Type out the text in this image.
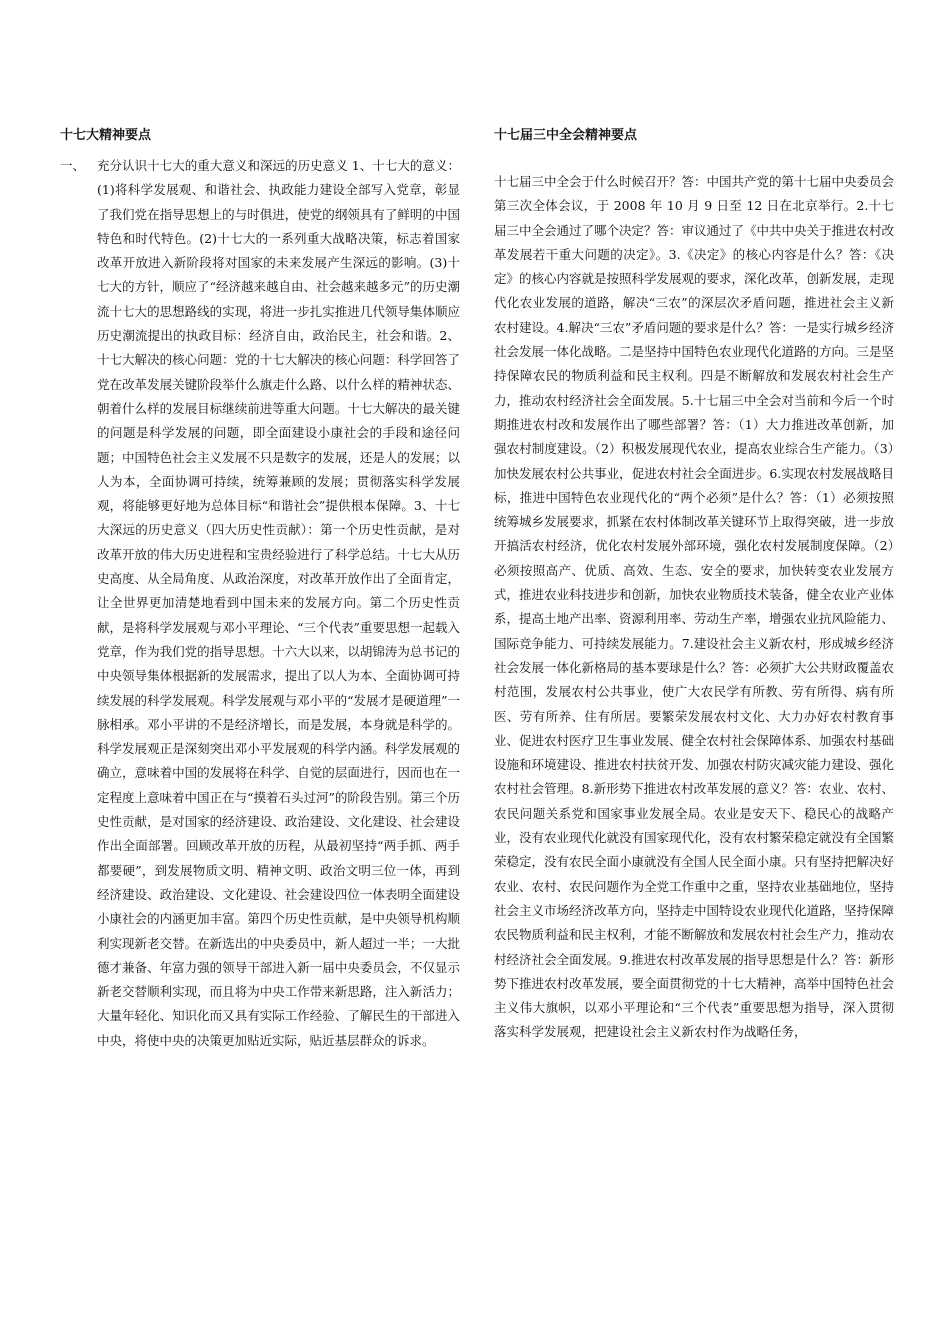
十七大精神要点
一、 充分认识十七大的重大意义和深远的历史意义 1、十七大的意义：(1)将科学发展观、和谐社会、执政能力建设全部写入党章，彰显了我们党在指导思想上的与时俱进，使党的纲领具有了鲜明的中国特色和时代特色。(2)十七大的一系列重大战略决策，标志着国家改革开放进入新阶段将对国家的未来发展产生深远的影响。(3)十七大的方针，顺应了“经济越来越自由、社会越来越多元”的历史潮流十七大的思想路线的实现，将进一步扎实推进几代领导集体顺应历史潮流提出的执政目标：经济自由，政治民主，社会和谐。2、十七大解决的核心问题：党的十七大解决的核心问题：科学回答了党在改革发展关键阶段举什么旗走什么路、以什么样的精神状态、朝着什么样的发展目标继续前进等重大问题。十七大解决的最关键的问题是科学发展的问题，即全面建设小康社会的手段和途径问题；中国特色社会主义发展不只是数字的发展，还是人的发展；以人为本，全面协调可持续，统筹兼顾的发展；贯彻落实科学发展观，将能够更好地为总体目标“和谐社会”提供根本保障。3、十七大深远的历史意义（四大历史性贡献）：第一个历史性贡献，是对改革开放的伟大历史进程和宝贵经验进行了科学总结。十七大从历史高度、从全局角度、从政治深度，对改革开放作出了全面肯定，让全世界更加清楚地看到中国未来的发展方向。第二个历史性贡献，是将科学发展观与邓小平理论、“三个代表”重要思想一起载入党章，作为我们党的指导思想。十六大以来，以胡锦涛为总书记的中央领导集体根据新的发展需求，提出了以人为本、全面协调可持续发展的科学发展观。科学发展观与邓小平的“发展才是硬道理”一脉相承。邓小平讲的不是经济增长，而是发展，本身就是科学的。科学发展观正是深刻突出邓小平发展观的科学内涵。科学发展观的确立，意味着中国的发展将在科学、自觉的层面进行，因而也在一定程度上意味着中国正在与“摸着石头过河”的阶段告别。第三个历史性贡献，是对国家的经济建设、政治建设、文化建设、社会建设作出全面部署。回顾改革开放的历程，从最初坚持“两手抓、两手都要硬”，到发展物质文明、精神文明、政治文明三位一体，再到经济建设、政治建设、文化建设、社会建设四位一体表明全面建设小康社会的内涵更加丰富。第四个历史性贡献，是中央领导机构顺利实现新老交替。在新选出的中央委员中，新人超过一半；一大批德才兼备、年富力强的领导干部进入新一届中央委员会，不仅显示新老交替顺利实现，而且将为中央工作带来新思路，注入新活力；大量年轻化、知识化而又具有实际工作经验、了解民生的干部进入中央，将使中央的决策更加贴近实际，贴近基层群众的诉求。

十七届三中全会精神要点

十七届三中全会于什么时候召开？答：中国共产党的第十七届中央委员会第三次全体会议，于 2008 年 10 月 9 日至 12 日在北京举行。2.十七届三中全会通过了哪个决定？答：审议通过了《中共中央关于推进农村改革发展若干重大问题的决定》。3.《决定》的核心内容是什么？答：《决定》的核心内容就是按照科学发展观的要求，深化改革，创新发展，走现代化农业发展的道路，解决“三农”的深层次矛盾问题，推进社会主义新农村建设。4.解决“三农”矛盾问题的要求是什么？答：一是实行城乡经济社会发展一体化战略。二是坚持中国特色农业现代化道路的方向。三是坚持保障农民的物质利益和民主权利。四是不断解放和发展农村社会生产力，推动农村经济社会全面发展。5.十七届三中全会对当前和今后一个时期推进农村改和发展作出了哪些部署？答：（1）大力推进改革创新，加强农村制度建设。（2）积极发展现代农业，提高农业综合生产能力。（3）加快发展农村公共事业，促进农村社会全面进步。6.实现农村发展战略目标，推进中国特色农业现代化的“两个必须”是什么？答：（1）必须按照统筹城乡发展要求，抓紧在农村体制改革关键环节上取得突破，进一步放开搞活农村经济，优化农村发展外部环境，强化农村发展制度保障。（2）必须按照高产、优质、高效、生态、安全的要求，加快转变农业发展方式，推进农业科技进步和创新，加快农业物质技术装备，健全农业产业体系，提高土地产出率、资源利用率、劳动生产率，增强农业抗风险能力、国际竞争能力、可持续发展能力。7.建设社会主义新农村，形成城乡经济社会发展一体化新格局的基本要球是什么？答：必须扩大公共财政覆盖农村范围，发展农村公共事业，使广大农民学有所教、劳有所得、病有所医、劳有所养、住有所居。要繁荣发展农村文化、大力办好农村教育事业、促进农村医疗卫生事业发展、健全农村社会保障体系、加强农村基础设施和环境建设、推进农村扶贫开发、加强农村防灾减灾能力建设、强化农村社会管理。8.新形势下推进农村改革发展的意义？答：农业、农村、农民问题关系党和国家事业发展全局。农业是安天下、稳民心的战略产业，没有农业现代化就没有国家现代化，没有农村繁荣稳定就没有全国繁荣稳定，没有农民全面小康就没有全国人民全面小康。只有坚持把解决好农业、农村、农民问题作为全党工作重中之重，坚持农业基础地位，坚持社会主义市场经济改革方向，坚持走中国特设农业现代化道路，坚持保障农民物质利益和民主权利，才能不断解放和发展农村社会生产力，推动农村经济社会全面发展。9.推进农村改革发展的指导思想是什么？答：新形势下推进农村改革发展，要全面贯彻党的十七大精神，高举中国特色社会主义伟大旗帜，以邓小平理论和“三个代表”重要思想为指导，深入贯彻落实科学发展观，把建设社会主义新农村作为战略任务，
